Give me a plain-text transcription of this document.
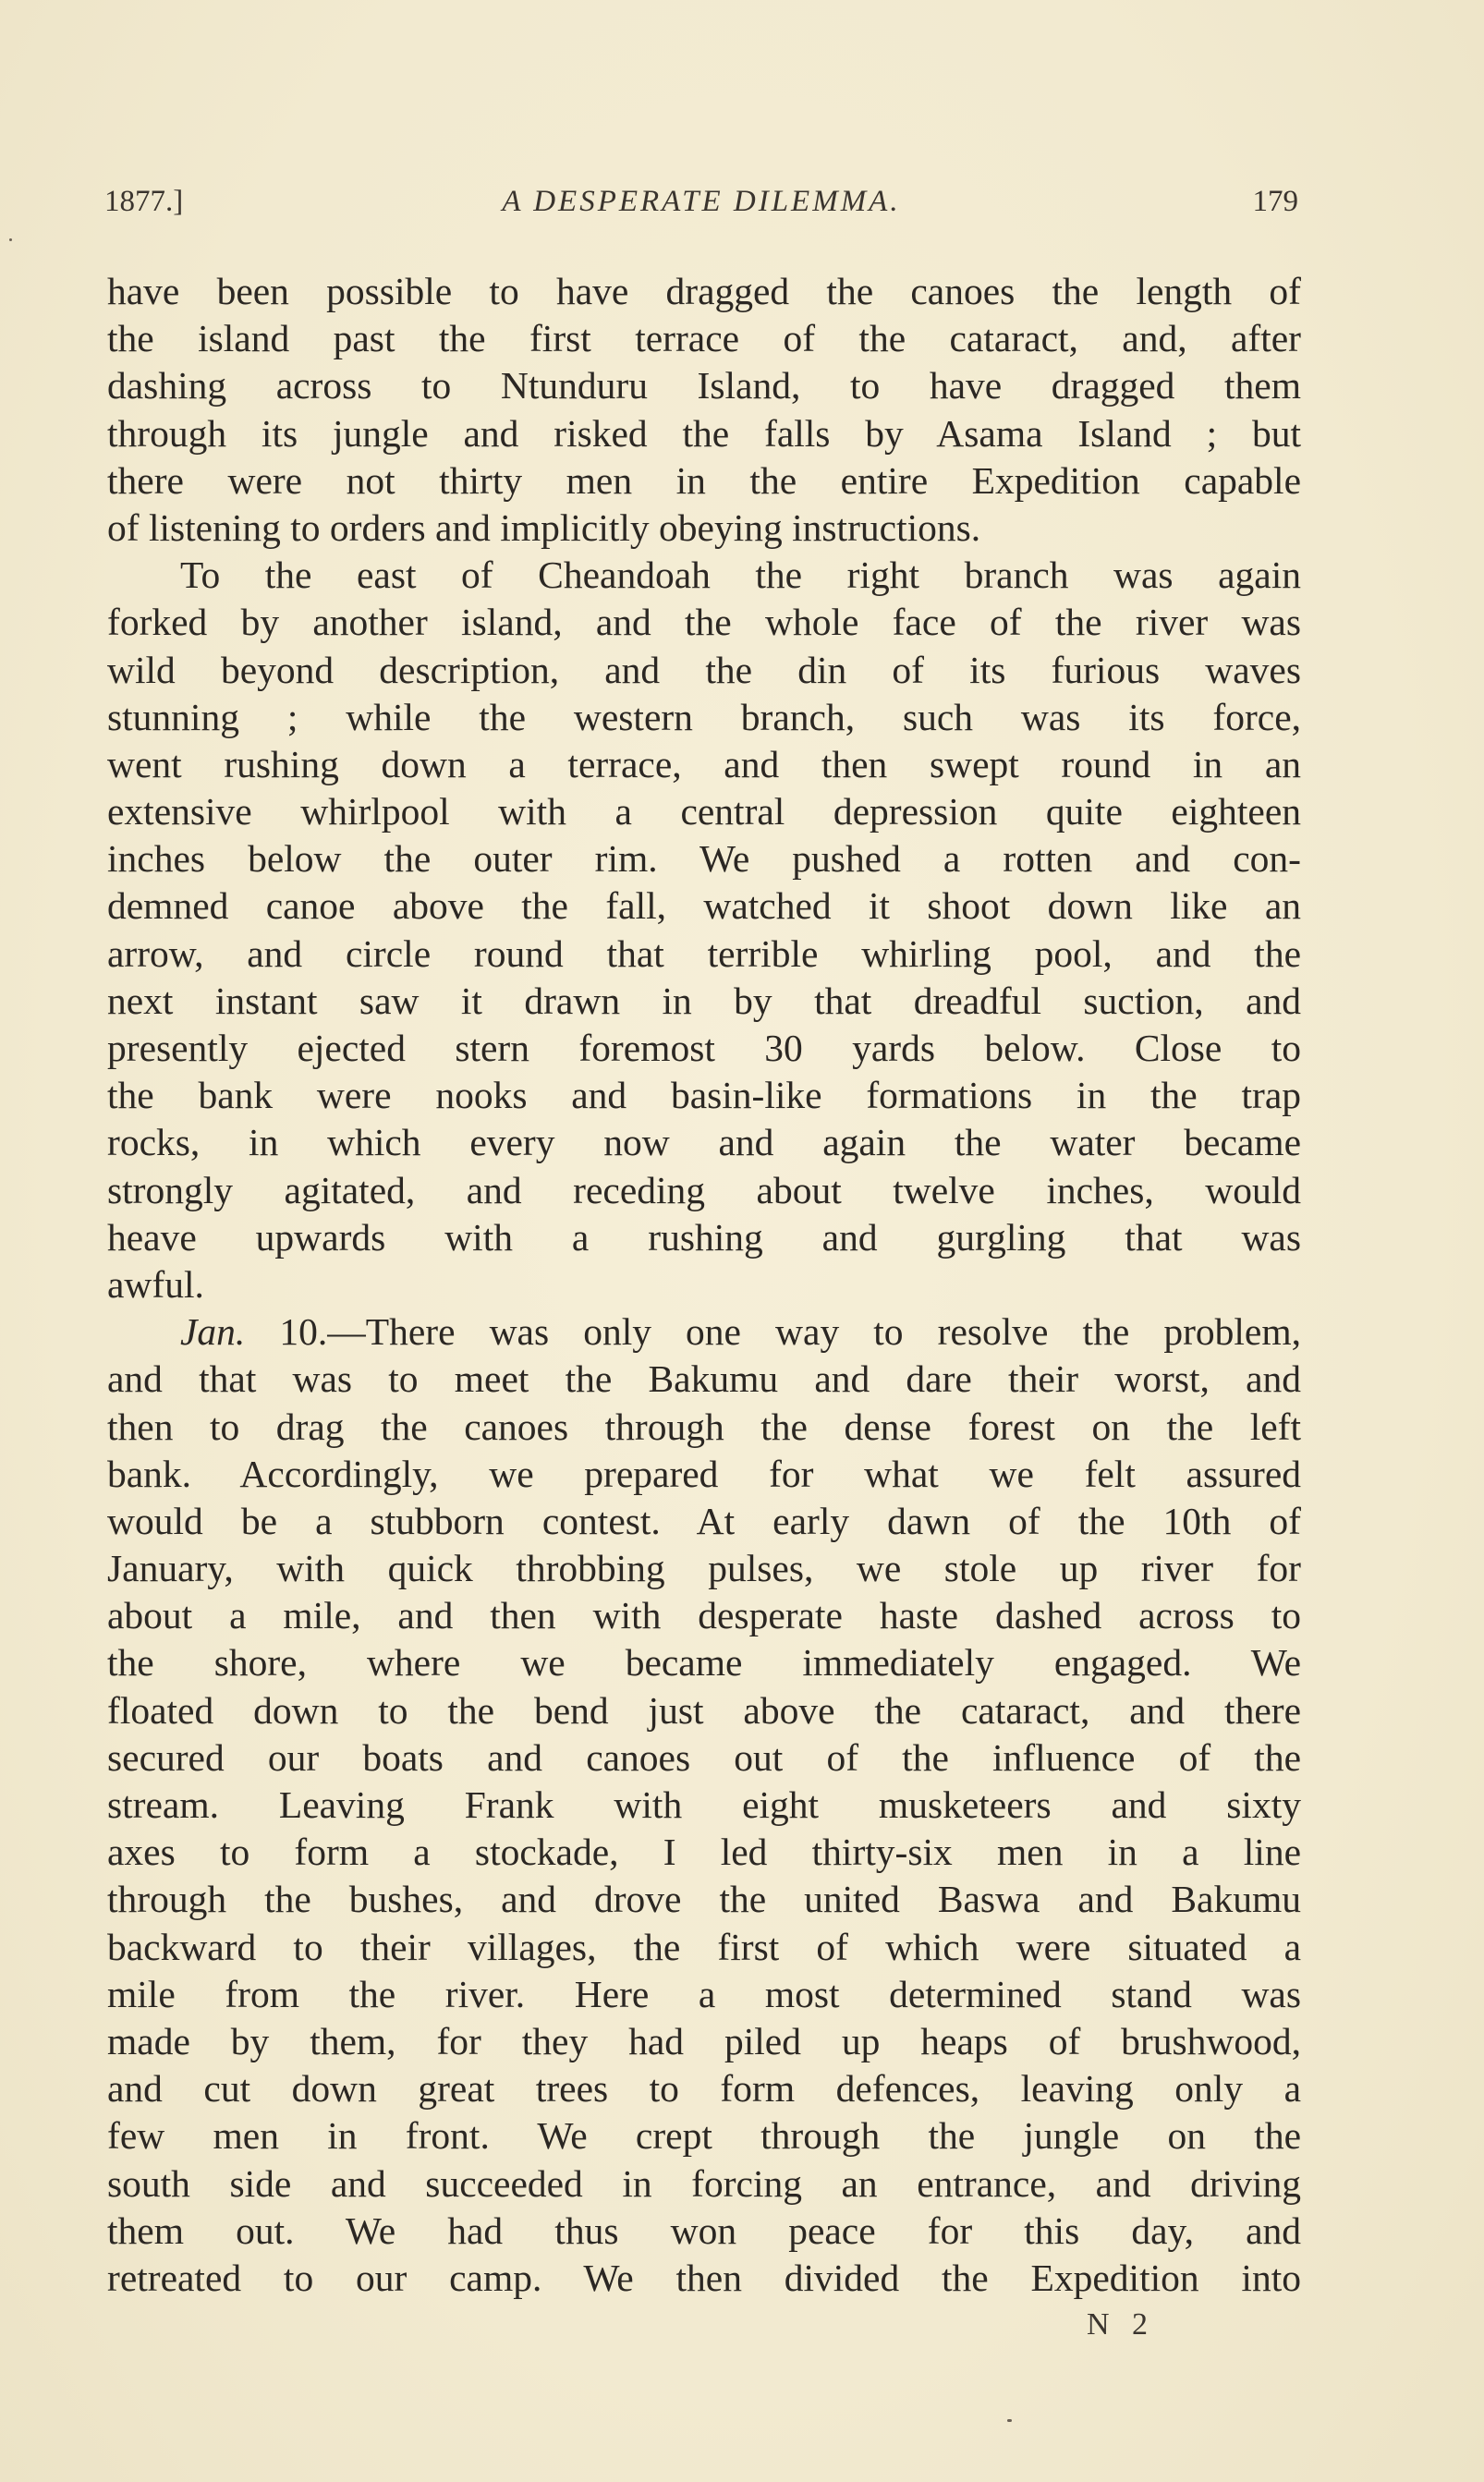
1877.]	A DESPERATE DILEMMA.	179
have been possible to have dragged the canoes the length of
the island past the first terrace of the cataract, and, after
dashing across to Ntunduru Island, to have dragged them
through its jungle and risked the falls by Asama Island ; but
there were not thirty men in the entire Expedition capable
of listening to orders and implicitly obeying instructions.
To the east of Cheandoah the right branch was again
forked by another island, and the whole face of the river was
wild beyond description, and the din of its furious waves
stunning ; while the western branch, such was its force,
went rushing down a terrace, and then swept round in an
extensive whirlpool with a central depression quite eighteen
inches below the outer rim. We pushed a rotten and con-
demned canoe above the fall, watched it shoot down like an
arrow, and circle round that terrible whirling pool, and the
next instant saw it drawn in by that dreadful suction, and
presently ejected stern foremost 30 yards below. Close to
the bank were nooks and basin-like formations in the trap
rocks, in which every now and again the water became
strongly agitated, and receding about twelve inches, would
heave upwards with a rushing and gurgling that was
awful.
Jan. 10.—There was only one way to resolve the problem,
and that was to meet the Bakumu and dare their worst, and
then to drag the canoes through the dense forest on the left
bank. Accordingly, we prepared for what we felt assured
would be a stubborn contest. At early dawn of the 10th of
January, with quick throbbing pulses, we stole up river for
about a mile, and then with desperate haste dashed across to
the shore, where we became immediately engaged. We
floated down to the bend just above the cataract, and there
secured our boats and canoes out of the influence of the
stream. Leaving Frank with eight musketeers and sixty
axes to form a stockade, I led thirty-six men in a line
through the bushes, and drove the united Baswa and Bakumu
backward to their villages, the first of which were situated a
mile from the river. Here a most determined stand was
made by them, for they had piled up heaps of brushwood,
and cut down great trees to form defences, leaving only a
few men in front. We crept through the jungle on the
south side and succeeded in forcing an entrance, and driving
them out. We had thus won peace for this day, and
retreated to our camp. We then divided the Expedition into
N 2
